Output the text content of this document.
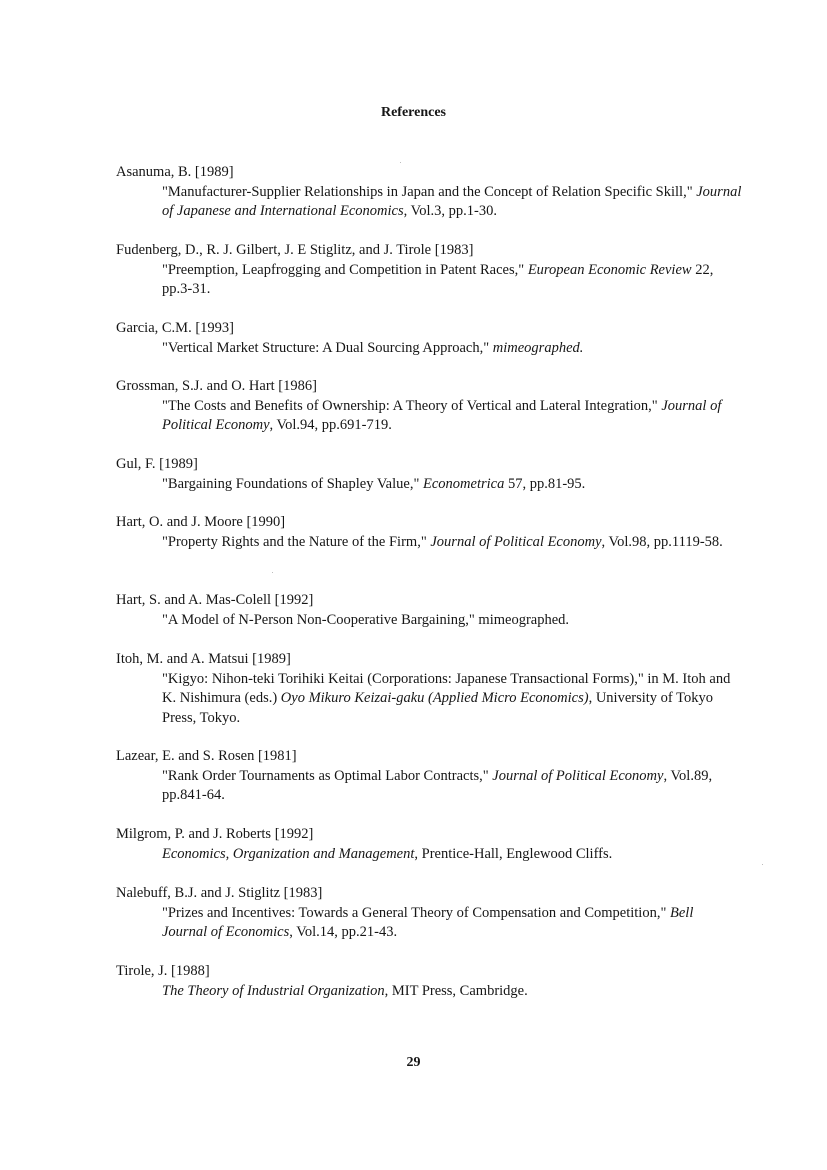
References
Asanuma, B. [1989]
"Manufacturer-Supplier Relationships in Japan and the Concept of Relation Specific Skill," Journal of Japanese and International Economics, Vol.3, pp.1-30.
Fudenberg, D., R. J. Gilbert, J. E Stiglitz, and J. Tirole [1983]
"Preemption, Leapfrogging and Competition in Patent Races," European Economic Review 22, pp.3-31.
Garcia, C.M. [1993]
"Vertical Market Structure: A Dual Sourcing Approach," mimeographed.
Grossman, S.J. and O. Hart [1986]
"The Costs and Benefits of Ownership: A Theory of Vertical and Lateral Integration," Journal of Political Economy, Vol.94, pp.691-719.
Gul, F. [1989]
"Bargaining Foundations of Shapley Value," Econometrica 57, pp.81-95.
Hart, O. and J. Moore [1990]
"Property Rights and the Nature of the Firm," Journal of Political Economy, Vol.98, pp.1119-58.
Hart, S. and A. Mas-Colell [1992]
"A Model of N-Person Non-Cooperative Bargaining," mimeographed.
Itoh, M. and A. Matsui [1989]
"Kigyo: Nihon-teki Torihiki Keitai (Corporations: Japanese Transactional Forms)," in M. Itoh and K. Nishimura (eds.) Oyo Mikuro Keizai-gaku (Applied Micro Economics), University of Tokyo Press, Tokyo.
Lazear, E. and S. Rosen [1981]
"Rank Order Tournaments as Optimal Labor Contracts," Journal of Political Economy, Vol.89, pp.841-64.
Milgrom, P. and J. Roberts [1992]
Economics, Organization and Management, Prentice-Hall, Englewood Cliffs.
Nalebuff, B.J. and J. Stiglitz [1983]
"Prizes and Incentives: Towards a General Theory of Compensation and Competition," Bell Journal of Economics, Vol.14, pp.21-43.
Tirole, J. [1988]
The Theory of Industrial Organization, MIT Press, Cambridge.
29
